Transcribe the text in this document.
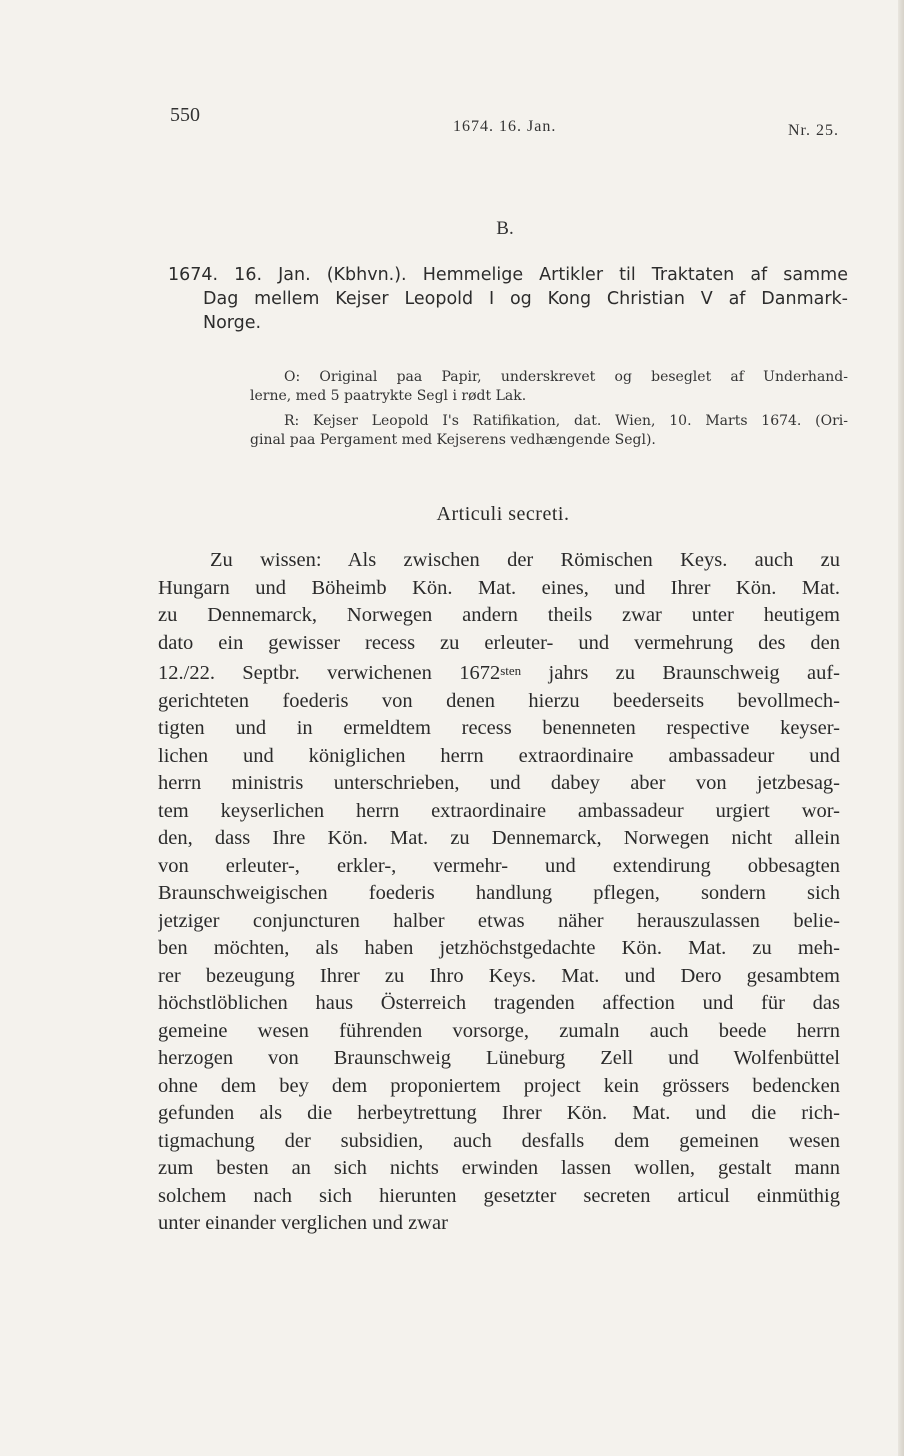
550
1674. 16. Jan.	Nr. 25.
B.
1674. 16. Jan. (Kbhvn.). Hemmelige Artikler til Traktaten af samme
Dag mellem Kejser Leopold I og Kong Christian V af Danmark-
Norge.
O: Original paa Papir, underskrevet og beseglet af Underhand-
lerne, med 5 paatrykte Segl i rødt Lak.
R: Kejser Leopold I's Ratifikation, dat. Wien, 10. Marts 1674. (Ori-
ginal paa Pergament med Kejserens vedhængende Segl).
Articuli secreti.
Zu wissen: Als zwischen der Römischen Keys. auch zu
Hungarn und Böheimb Kön. Mat. eines, und Ihrer Kön. Mat.
zu Dennemarck, Norwegen andern theils zwar unter heutigem
dato ein gewisser recess zu erleuter- und vermehrung des den
12./22. Septbr. verwichenen $1672^{sten}$ jahrs zu Braunschweig auf-
gerichteten foederis von denen hierzu beederseits bevollmech-
tigten und in ermeldtem recess benenneten respective keyser-
lichen und königlichen herrn extraordinaire ambassadeur und
herrn ministris unterschrieben, und dabey aber von jetzbesag-
tem keyserlichen herrn extraordinaire ambassadeur urgiert wor-
den, dass Ihre Kön. Mat. zu Dennemarck, Norwegen nicht allein
von erleuter-, erkler-, vermehr- und extendirung obbesagten
Braunschweigischen foederis handlung pflegen, sondern sich
jetziger conjuncturen halber etwas näher herauszulassen belie-
ben möchten, als haben jetzhöchstgedachte Kön. Mat. zu meh-
rer bezeugung Ihrer zu Ihro Keys. Mat. und Dero gesambtem
höchstlöblichen haus Österreich tragenden affection und für das
gemeine wesen führenden vorsorge, zumaln auch beede herrn
herzogen von Braunschweig Lüneburg Zell und Wolfenbüttel
ohne dem bey dem proponiertem project kein grössers bedencken
gefunden als die herbeytrettung Ihrer Kön. Mat. und die rich-
tigmachung der subsidien, auch desfalls dem gemeinen wesen
zum besten an sich nichts erwinden lassen wollen, gestalt mann
solchem nach sich hierunten gesetzter secreten articul einmüthig
unter einander verglichen und zwar
